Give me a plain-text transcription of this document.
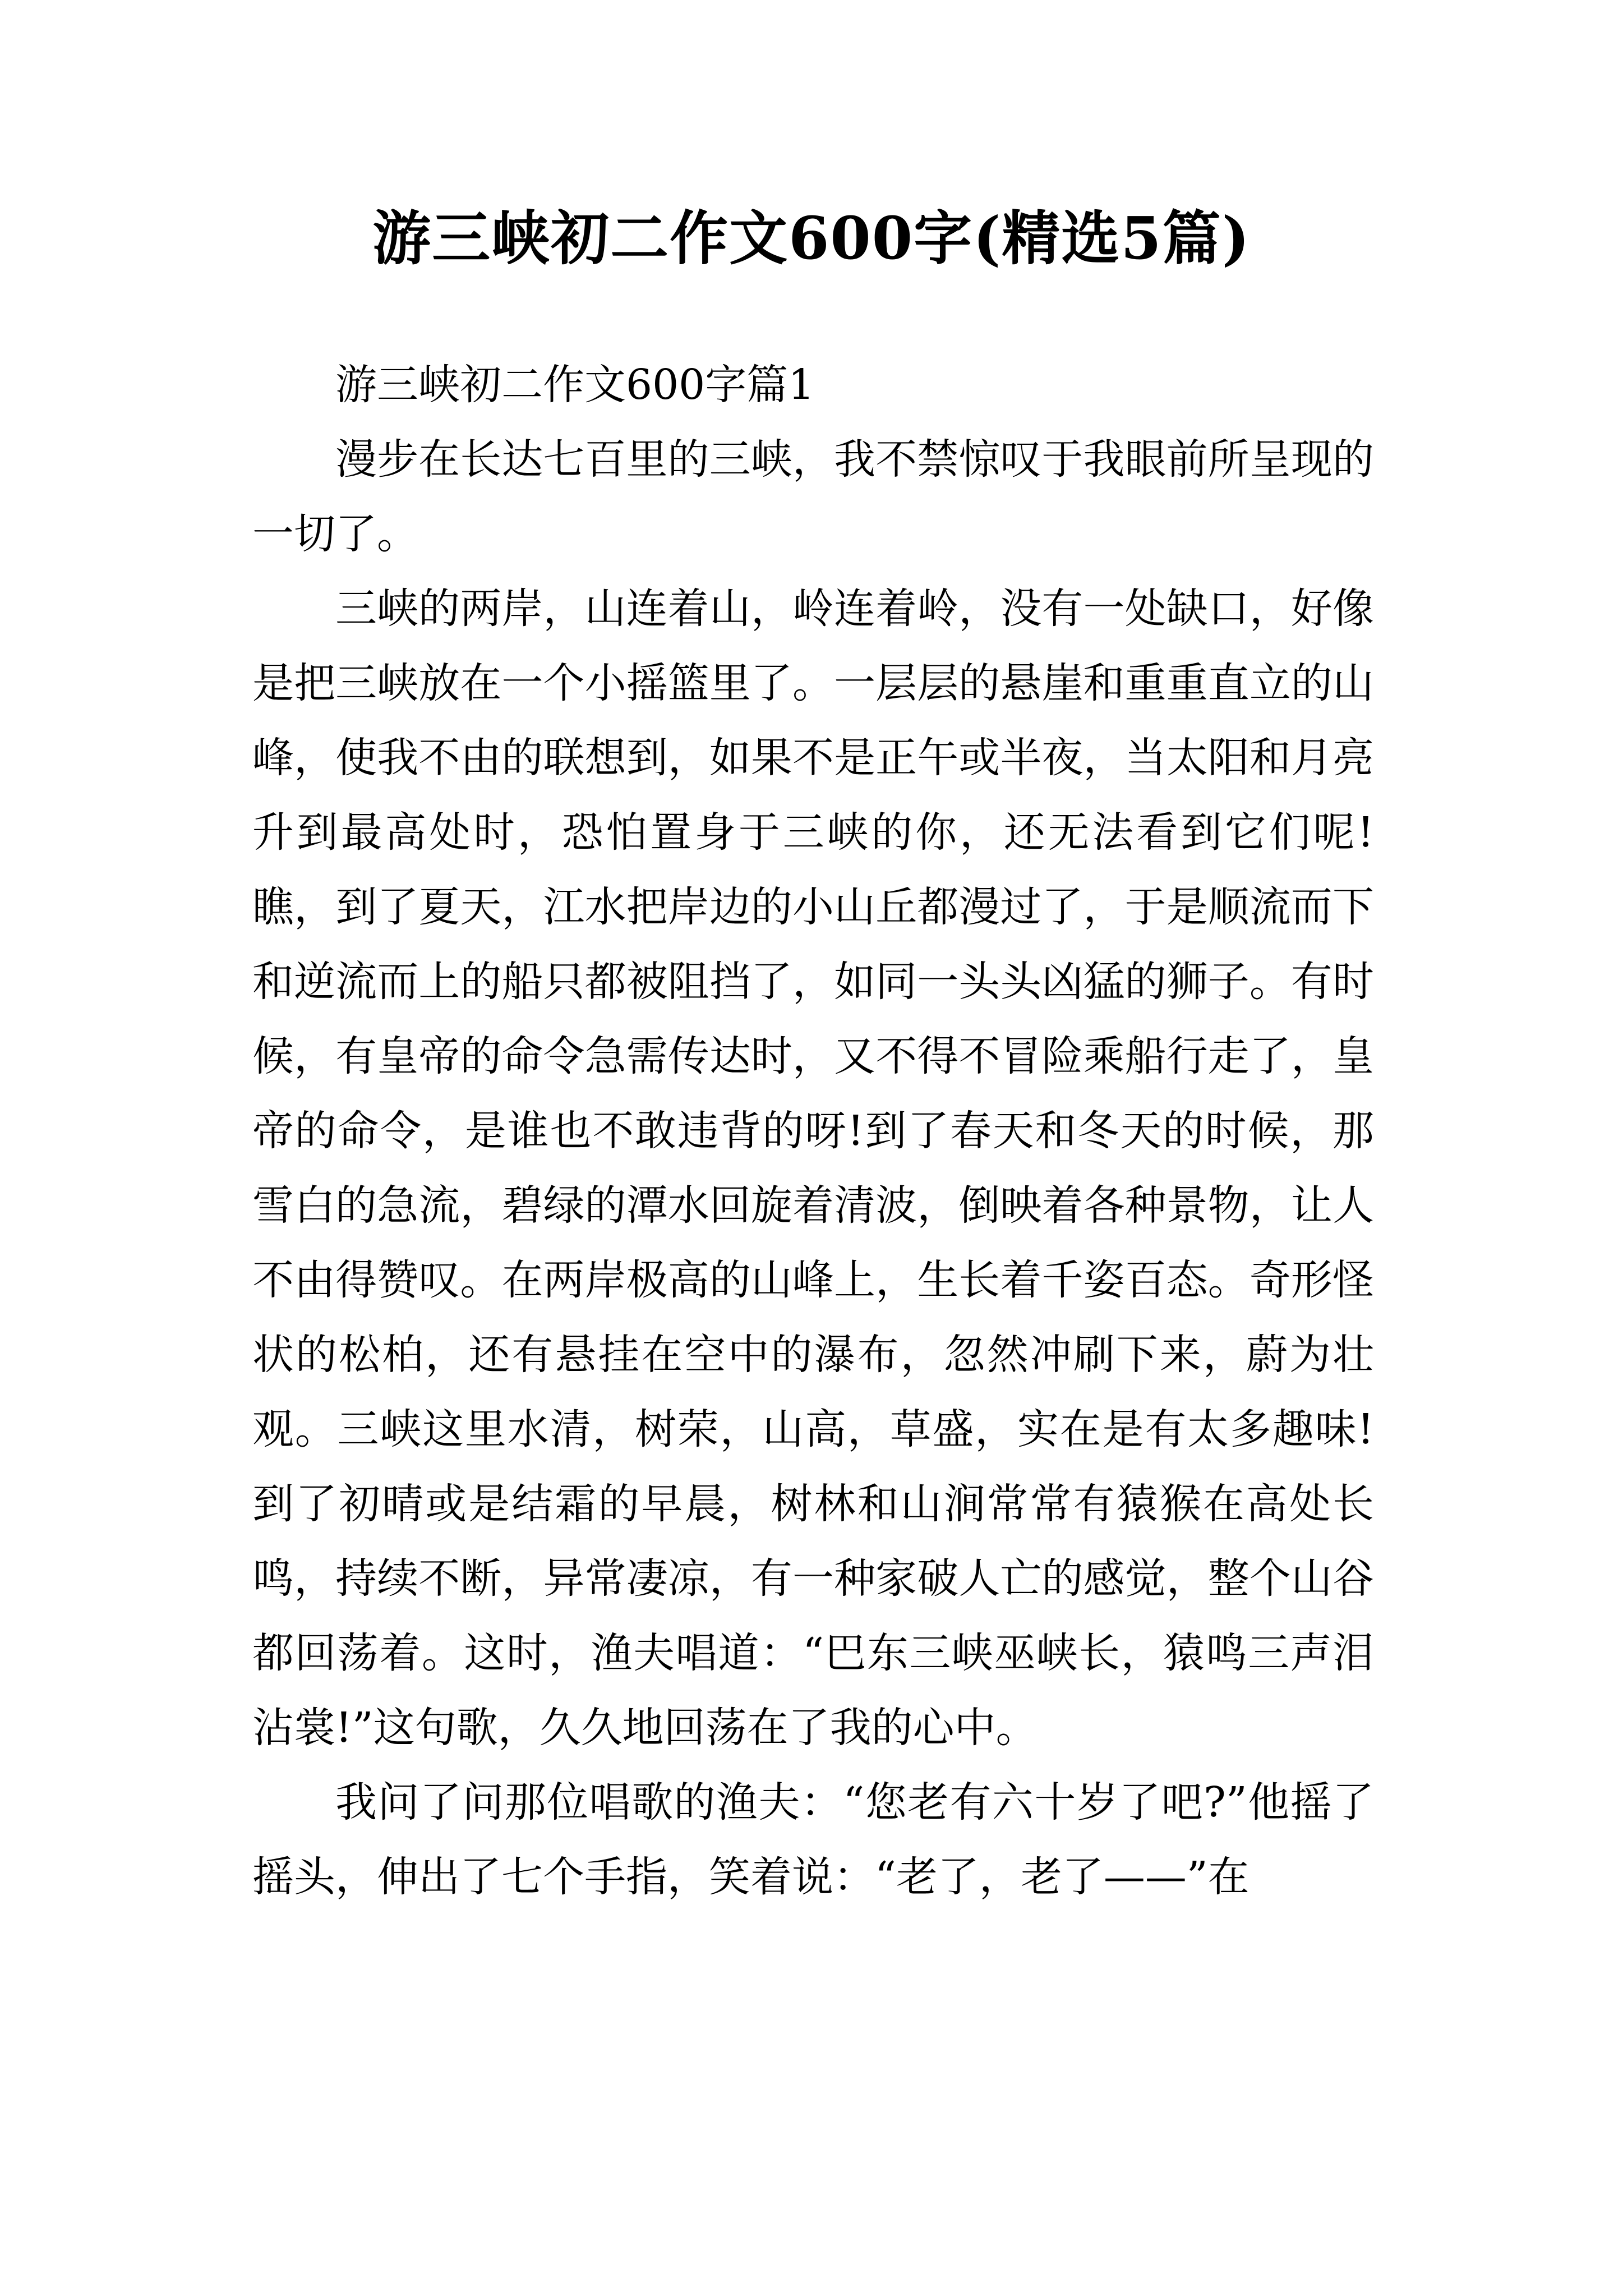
游三峡初二作文600字(精选5篇)

游三峡初二作文600字篇1

漫步在长达七百里的三峡，我不禁惊叹于我眼前所呈现的一切了。

三峡的两岸，山连着山，岭连着岭，没有一处缺口，好像是把三峡放在一个小摇篮里了。一层层的悬崖和重重直立的山峰，使我不由的联想到，如果不是正午或半夜，当太阳和月亮升到最高处时，恐怕置身于三峡的你，还无法看到它们呢!瞧，到了夏天，江水把岸边的小山丘都漫过了，于是顺流而下和逆流而上的船只都被阻挡了，如同一头头凶猛的狮子。有时候，有皇帝的命令急需传达时，又不得不冒险乘船行走了，皇帝的命令，是谁也不敢违背的呀!到了春天和冬天的时候，那雪白的急流，碧绿的潭水回旋着清波，倒映着各种景物，让人不由得赞叹。在两岸极高的山峰上，生长着千姿百态。奇形怪状的松柏，还有悬挂在空中的瀑布，忽然冲刷下来，蔚为壮观。三峡这里水清，树荣，山高，草盛，实在是有太多趣味!到了初晴或是结霜的早晨，树林和山涧常常有猿猴在高处长鸣，持续不断，异常凄凉，有一种家破人亡的感觉，整个山谷都回荡着。这时，渔夫唱道：“巴东三峡巫峡长，猿鸣三声泪沾裳!”这句歌，久久地回荡在了我的心中。

我问了问那位唱歌的渔夫：“您老有六十岁了吧?”他摇了摇头，伸出了七个手指，笑着说：“老了，老了——”在
